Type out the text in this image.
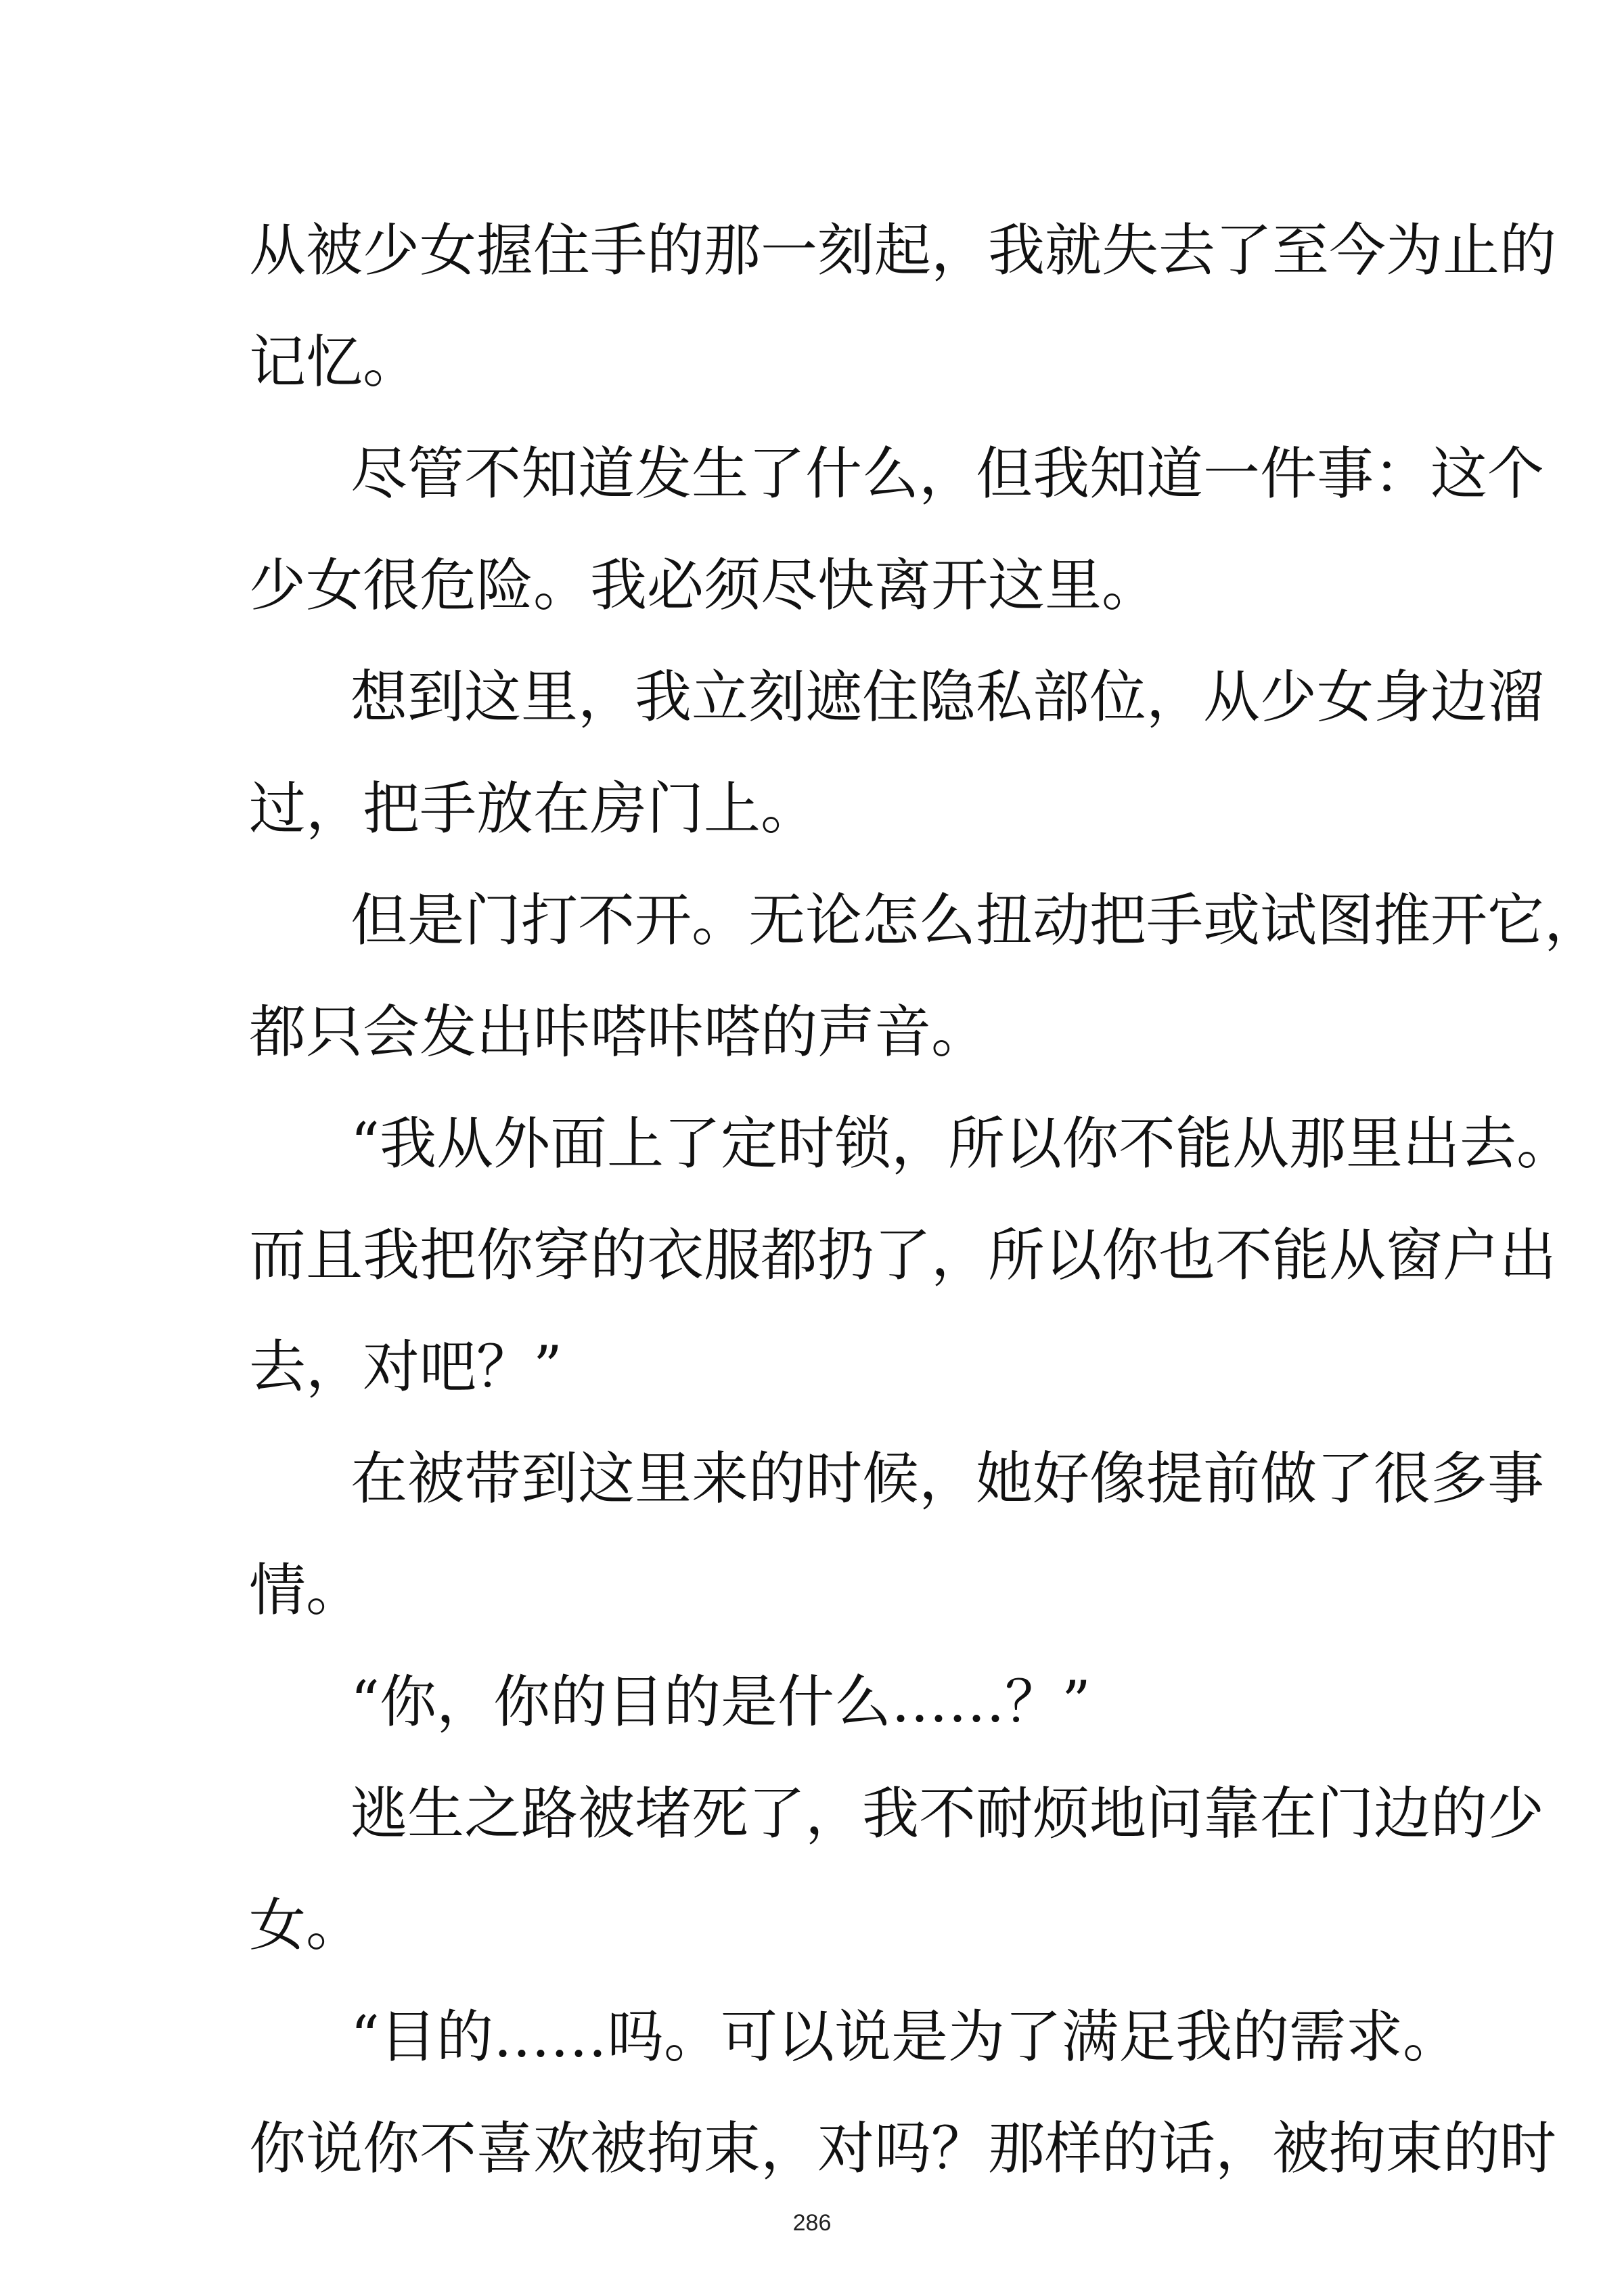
从被少女握住手的那一刻起，我就失去了至今为止的
记忆。
尽管不知道发生了什么，但我知道一件事：这个
少女很危险。我必须尽快离开这里。
想到这里，我立刻遮住隐私部位，从少女身边溜
过，把手放在房门上。
但是门打不开。无论怎么扭动把手或试图推开它，
都只会发出咔嗒咔嗒的声音。
“我从外面上了定时锁，所以你不能从那里出去。
而且我把你穿的衣服都扔了，所以你也不能从窗户出
去，对吧？”
在被带到这里来的时候，她好像提前做了很多事
情。
“你，你的目的是什么……？”
逃生之路被堵死了，我不耐烦地问靠在门边的少
女。
“目的……吗。可以说是为了满足我的需求。
你说你不喜欢被拘束，对吗？那样的话，被拘束的时
286
